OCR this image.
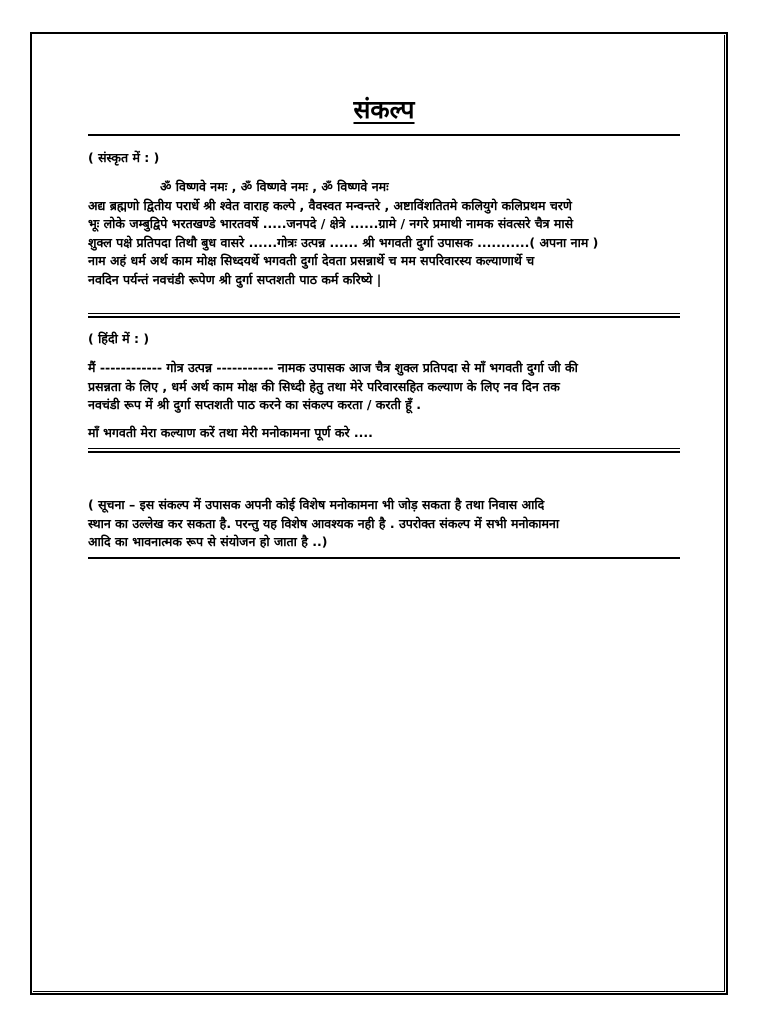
संकल्प

( संस्कृत में : )

ॐ विष्णवे नमः , ॐ विष्णवे नमः , ॐ विष्णवे नमः

अद्य ब्रह्मणो द्वितीय परार्धे श्री श्वेत वाराह कल्पे , वैवस्वत मन्वन्तरे , अष्टाविंशतितमे कलियुगे कलिप्रथम चरणे

भूः लोके जम्बुद्विपे भरतखण्डे भारतवर्षे .....जनपदे / क्षेत्रे ......ग्रामे / नगरे प्रमाथी नामक संवत्सरे चैत्र मासे

शुक्ल पक्षे प्रतिपदा तिथौ बुध वासरे ......गोत्रः उत्पन्न ...... श्री भगवती दुर्गा उपासक ...........( अपना नाम )

नाम अहं धर्म अर्थ काम मोक्ष सिध्दयर्थे भगवती दुर्गा देवता प्रसन्नार्थे च मम सपरिवारस्य कल्याणार्थे च

नवदिन पर्यन्तं नवचंडी रूपेण श्री दुर्गा सप्तशती पाठ कर्म करिष्ये |

( हिंदी में : )

मैं ------------ गोत्र उत्पन्न ----------- नामक उपासक आज चैत्र शुक्ल प्रतिपदा से माँ भगवती दुर्गा जी की

प्रसन्नता के लिए , धर्म अर्थ काम मोक्ष की सिध्दी हेतु तथा मेरे परिवारसहित कल्याण के लिए नव दिन तक

नवचंडी रूप में श्री दुर्गा सप्तशती पाठ करने का संकल्प करता / करती हूँ .

माँ भगवती मेरा कल्याण करें तथा मेरी मनोकामना पूर्ण करे ....

( सूचना – इस संकल्प में उपासक अपनी कोई विशेष मनोकामना भी जोड़ सकता है तथा निवास आदि

स्थान का उल्लेख कर सकता है. परन्तु यह विशेष आवश्यक नही है . उपरोक्त संकल्प में सभी मनोकामना

आदि का भावनात्मक रूप से संयोजन हो जाता है ..)
